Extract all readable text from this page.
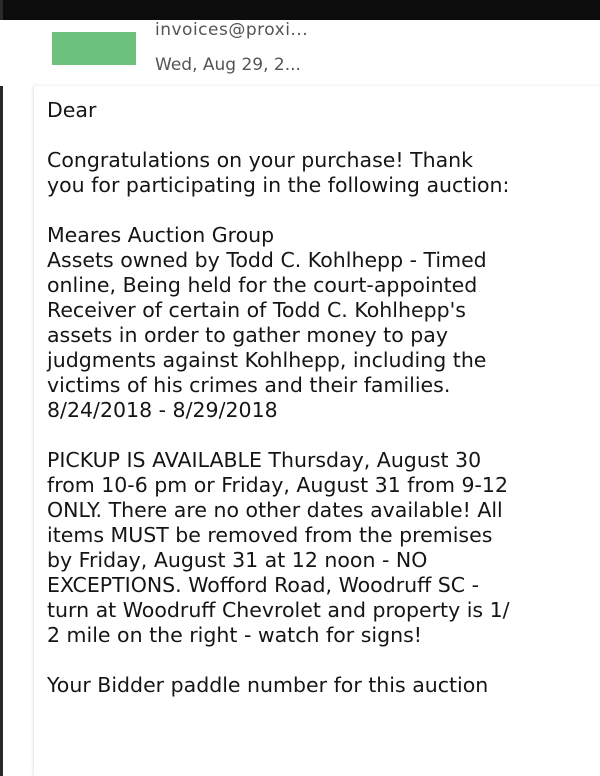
invoices@proxi...
Wed, Aug 29, 2...

Dear

Congratulations on your purchase! Thank
you for participating in the following auction:

Meares Auction Group
Assets owned by Todd C. Kohlhepp - Timed
online, Being held for the court-appointed
Receiver of certain of Todd C. Kohlhepp's
assets in order to gather money to pay
judgments against Kohlhepp, including the
victims of his crimes and their families.
8/24/2018 - 8/29/2018

PICKUP IS AVAILABLE Thursday, August 30
from 10-6 pm or Friday, August 31 from 9-12
ONLY. There are no other dates available! All
items MUST be removed from the premises
by Friday, August 31 at 12 noon - NO
EXCEPTIONS. Wofford Road, Woodruff SC -
turn at Woodruff Chevrolet and property is 1/
2 mile on the right - watch for signs!

Your Bidder paddle number for this auction
